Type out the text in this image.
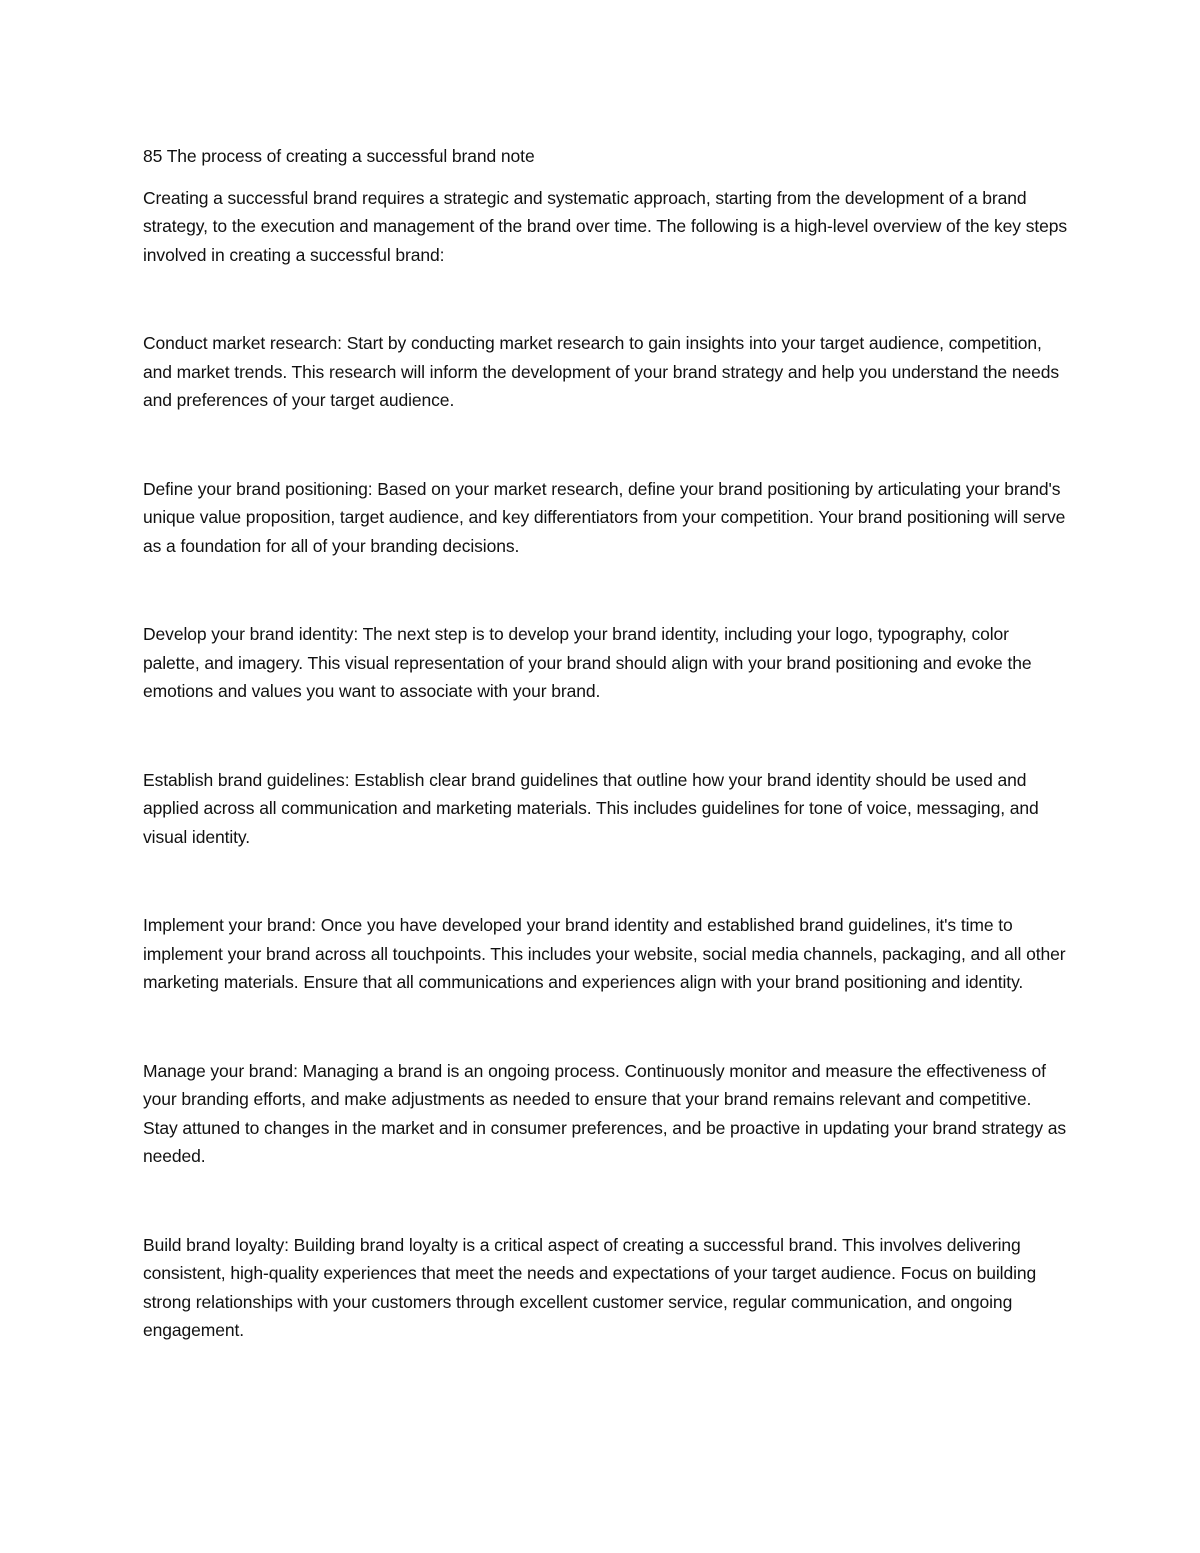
85 The process of creating a successful brand note

Creating a successful brand requires a strategic and systematic approach, starting from the development of a brand strategy, to the execution and management of the brand over time. The following is a high-level overview of the key steps involved in creating a successful brand:

Conduct market research: Start by conducting market research to gain insights into your target audience, competition, and market trends. This research will inform the development of your brand strategy and help you understand the needs and preferences of your target audience.

Define your brand positioning: Based on your market research, define your brand positioning by articulating your brand's unique value proposition, target audience, and key differentiators from your competition. Your brand positioning will serve as a foundation for all of your branding decisions.

Develop your brand identity: The next step is to develop your brand identity, including your logo, typography, color palette, and imagery. This visual representation of your brand should align with your brand positioning and evoke the emotions and values you want to associate with your brand.

Establish brand guidelines: Establish clear brand guidelines that outline how your brand identity should be used and applied across all communication and marketing materials. This includes guidelines for tone of voice, messaging, and visual identity.

Implement your brand: Once you have developed your brand identity and established brand guidelines, it's time to implement your brand across all touchpoints. This includes your website, social media channels, packaging, and all other marketing materials. Ensure that all communications and experiences align with your brand positioning and identity.

Manage your brand: Managing a brand is an ongoing process. Continuously monitor and measure the effectiveness of your branding efforts, and make adjustments as needed to ensure that your brand remains relevant and competitive. Stay attuned to changes in the market and in consumer preferences, and be proactive in updating your brand strategy as needed.

Build brand loyalty: Building brand loyalty is a critical aspect of creating a successful brand. This involves delivering consistent, high-quality experiences that meet the needs and expectations of your target audience. Focus on building strong relationships with your customers through excellent customer service, regular communication, and ongoing engagement.
